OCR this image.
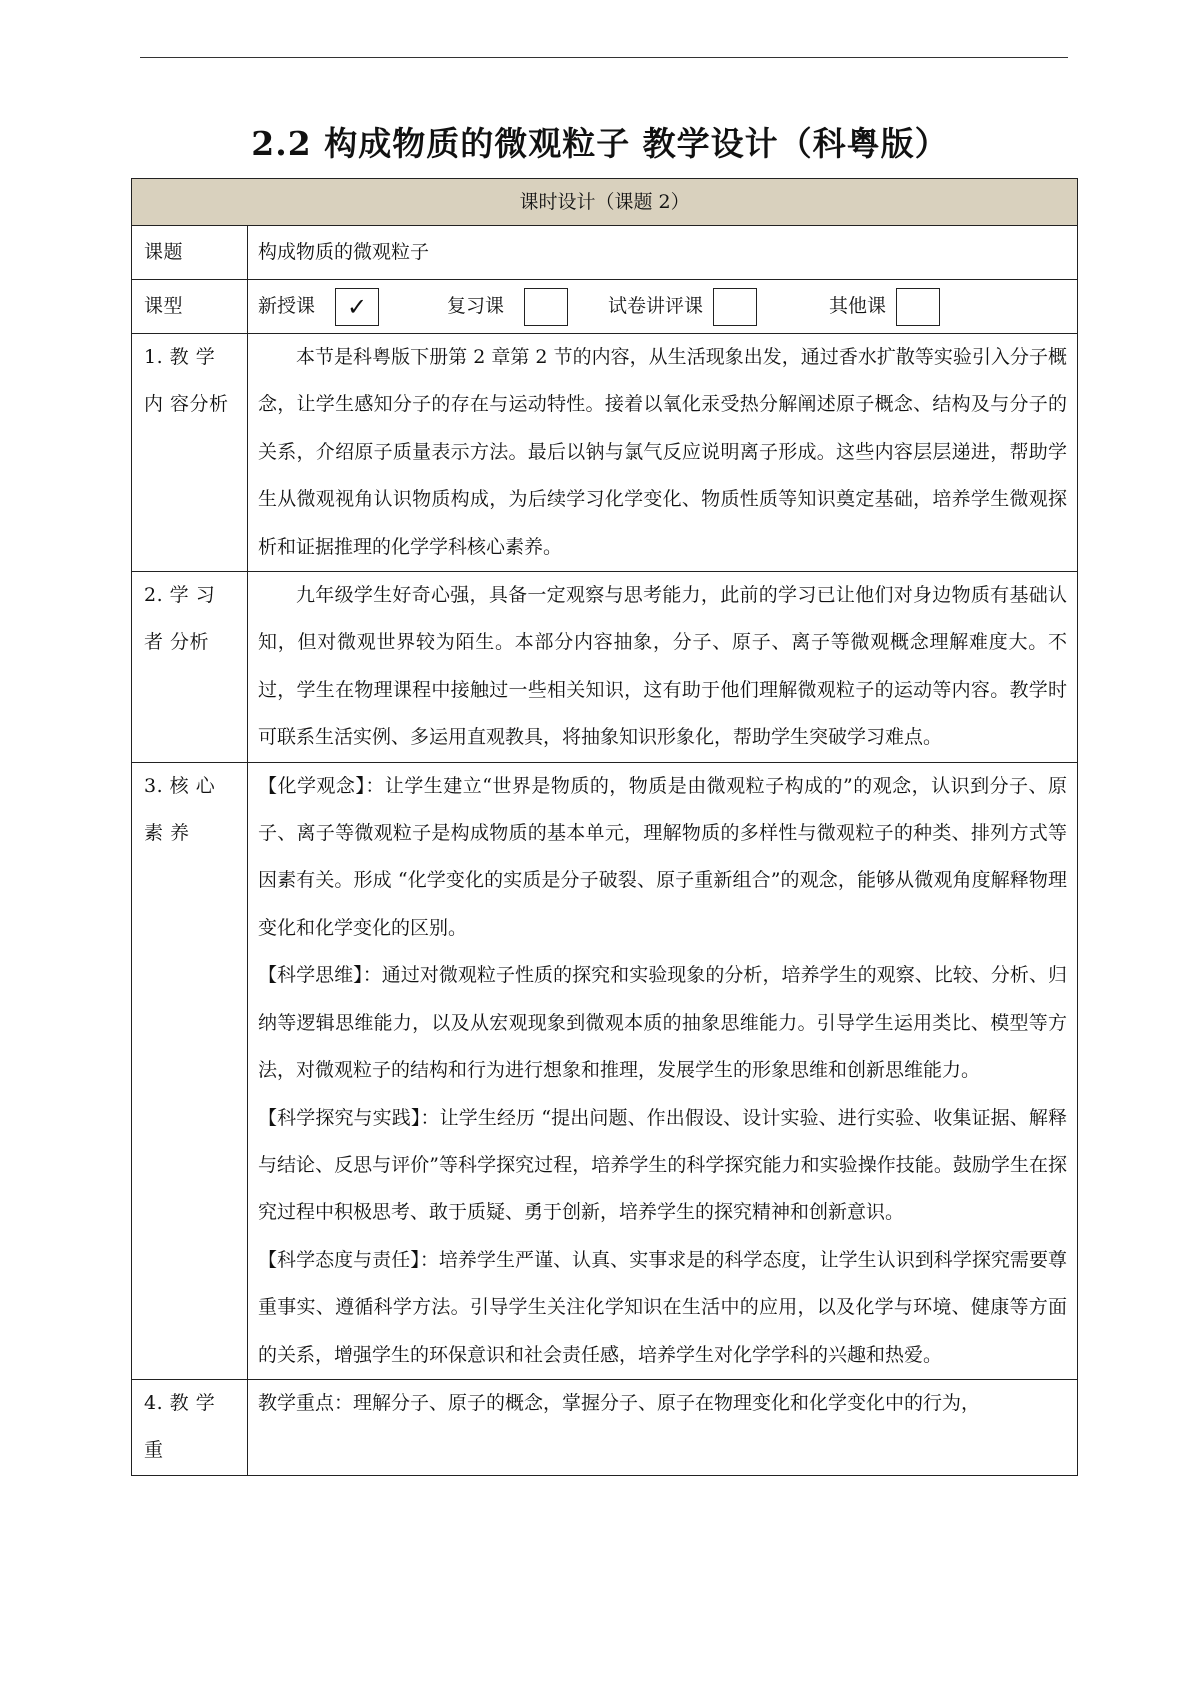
2.2 构成物质的微观粒子 教学设计（科粤版）
课时设计（课题 2）	
课题	构成物质的微观粒子
课型	新授课 ✓ 复习课 试卷讲评课 其他课

1. 教 学 内 容分析	本节是科粤版下册第 2 章第 2 节的内容，从生活现象出发，通过香水扩散等实验引入分子概念，让学生感知分子的存在与运动特性。接着以氧化汞受热分解阐述原子概念、结构及与分子的关系，介绍原子质量表示方法。最后以钠与氯气反应说明离子形成。这些内容层层递进，帮助学生从微观视角认识物质构成，为后续学习化学变化、物质性质等知识奠定基础，培养学生微观探析和证据推理的化学学科核心素养。

2. 学 习 者 分析	九年级学生好奇心强，具备一定观察与思考能力，此前的学习已让他们对身边物质有基础认知，但对微观世界较为陌生。本部分内容抽象，分子、原子、离子等微观概念理解难度大。不过，学生在物理课程中接触过一些相关知识，这有助于他们理解微观粒子的运动等内容。教学时可联系生活实例、多运用直观教具，将抽象知识形象化，帮助学生突破学习难点。

3. 核 心 素 养	【化学观念】：让学生建立“世界是物质的，物质是由微观粒子构成的”的观念，认识到分子、原子、离子等微观粒子是构成物质的基本单元，理解物质的多样性与微观粒子的种类、排列方式等因素有关。形成 “化学变化的实质是分子破裂、原子重新组合”的观念，能够从微观角度解释物理变化和化学变化的区别。

【科学思维】：通过对微观粒子性质的探究和实验现象的分析，培养学生的观察、比较、分析、归纳等逻辑思维能力，以及从宏观现象到微观本质的抽象思维能力。引导学生运用类比、模型等方法，对微观粒子的结构和行为进行想象和推理，发展学生的形象思维和创新思维能力。

【科学探究与实践】：让学生经历 “提出问题、作出假设、设计实验、进行实验、收集证据、解释与结论、反思与评价”等科学探究过程，培养学生的科学探究能力和实验操作技能。鼓励学生在探究过程中积极思考、敢于质疑、勇于创新，培养学生的探究精神和创新意识。

【科学态度与责任】：培养学生严谨、认真、实事求是的科学态度，让学生认识到科学探究需要尊重事实、遵循科学方法。引导学生关注化学知识在生活中的应用，以及化学与环境、健康等方面的关系，增强学生的环保意识和社会责任感，培养学生对化学学科的兴趣和热爱。

4. 教 学 重	教学重点：理解分子、原子的概念，掌握分子、原子在物理变化和化学变化中的行为，
